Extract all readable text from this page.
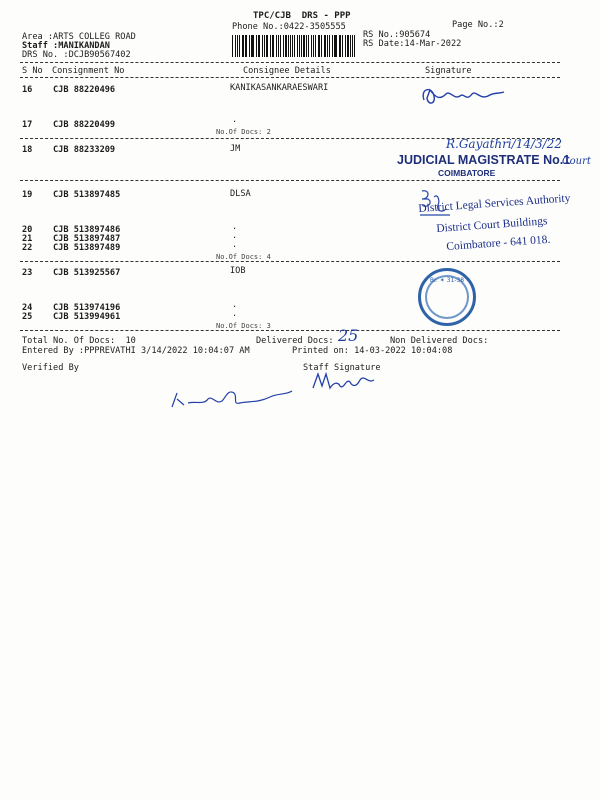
TPC/CJB  DRS - PPP
Phone No.:0422-3505555	Page No.:2
Area :ARTS COLLEG ROAD
Staff :MANIKANDAN
DRS No. :DCJB90567402
RS No.:905674
RS Date:14-Mar-2022
S No Consignment No	Consignee Details	Signature
16 CJB 88220496	KANIKASANKARAESWARI
17 CJB 88220499	.
No.Of Docs: 2
18 CJB 88233209	JM
19 CJB 513897485	DLSA
20 CJB 513897486	.
21 CJB 513897487	.
22 CJB 513897489	.
No.Of Docs: 4
23 CJB 513925567	IOB
24 CJB 513974196	.
25 CJB 513994961	.
No.Of Docs: 3
Total No. Of Docs:  10	Delivered Docs: 25	Non Delivered Docs:
Entered By :PPPREVATHI 3/14/2022 10:04:07 AM	Printed on: 14-03-2022 10:04:08
Verified By	Staff Signature
R.Gayathri/14/3/22
JUDICIAL MAGISTRATE No.1
Court
COIMBATORE
District Legal Services Authority
District Court Buildings
Coimbatore - 641 018.
✶ Br. ✶ 31-38 ✶
